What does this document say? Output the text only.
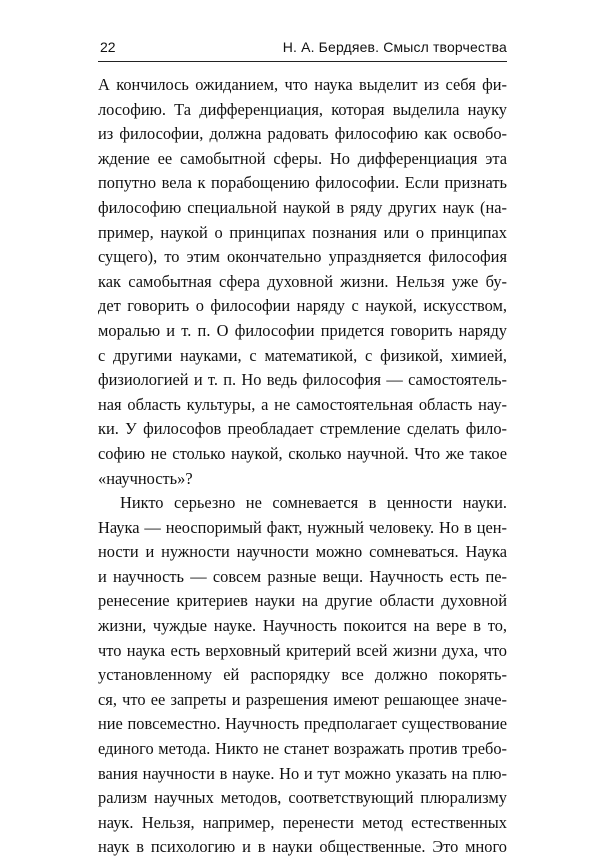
22	Н. А. Бердяев. Смысл творчества
А кончилось ожиданием, что наука выделит из себя фи-
лософию. Та дифференциация, которая выделила науку
из философии, должна радовать философию как освобо-
ждение ее самобытной сферы. Но дифференциация эта
попутно вела к порабощению философии. Если признать
философию специальной наукой в ряду других наук (на-
пример, наукой о принципах познания или о принципах
сущего), то этим окончательно упраздняется философия
как самобытная сфера духовной жизни. Нельзя уже бу-
дет говорить о философии наряду с наукой, искусством,
моралью и т. п. О философии придется говорить наряду
с другими науками, с математикой, с физикой, химией,
физиологией и т. п. Но ведь философия — самостоятель-
ная область культуры, а не самостоятельная область нау-
ки. У философов преобладает стремление сделать фило-
софию не столько наукой, сколько научной. Что же такое
«научность»?
Никто серьезно не сомневается в ценности науки.
Наука — неоспоримый факт, нужный человеку. Но в цен-
ности и нужности научности можно сомневаться. Наука
и научность — совсем разные вещи. Научность есть пе-
ренесение критериев науки на другие области духовной
жизни, чуждые науке. Научность покоится на вере в то,
что наука есть верховный критерий всей жизни духа, что
установленному ей распорядку все должно покорять-
ся, что ее запреты и разрешения имеют решающее значе-
ние повсеместно. Научность предполагает существование
единого метода. Никто не станет возражать против требо-
вания научности в науке. Но и тут можно указать на плю-
рализм научных методов, соответствующий плюрализму
наук. Нельзя, например, перенести метод естественных
наук в психологию и в науки общественные. Это много
